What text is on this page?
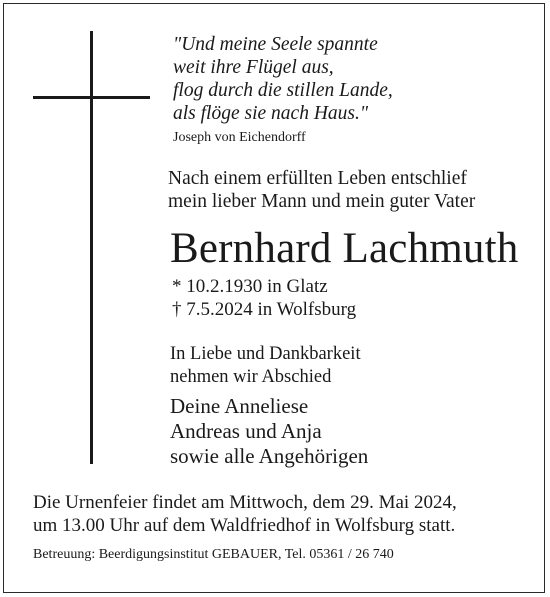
"Und meine Seele spannte
weit ihre Flügel aus,
flog durch die stillen Lande,
als flöge sie nach Haus."
Joseph von Eichendorff
Nach einem erfüllten Leben entschlief
mein lieber Mann und mein guter Vater
Bernhard Lachmuth
* 10.2.1930 in Glatz
† 7.5.2024 in Wolfsburg
In Liebe und Dankbarkeit
nehmen wir Abschied
Deine Anneliese
Andreas und Anja
sowie alle Angehörigen
Die Urnenfeier findet am Mittwoch, dem 29. Mai 2024,
um 13.00 Uhr auf dem Waldfriedhof in Wolfsburg statt.
Betreuung: Beerdigungsinstitut GEBAUER, Tel. 05361 / 26 740
